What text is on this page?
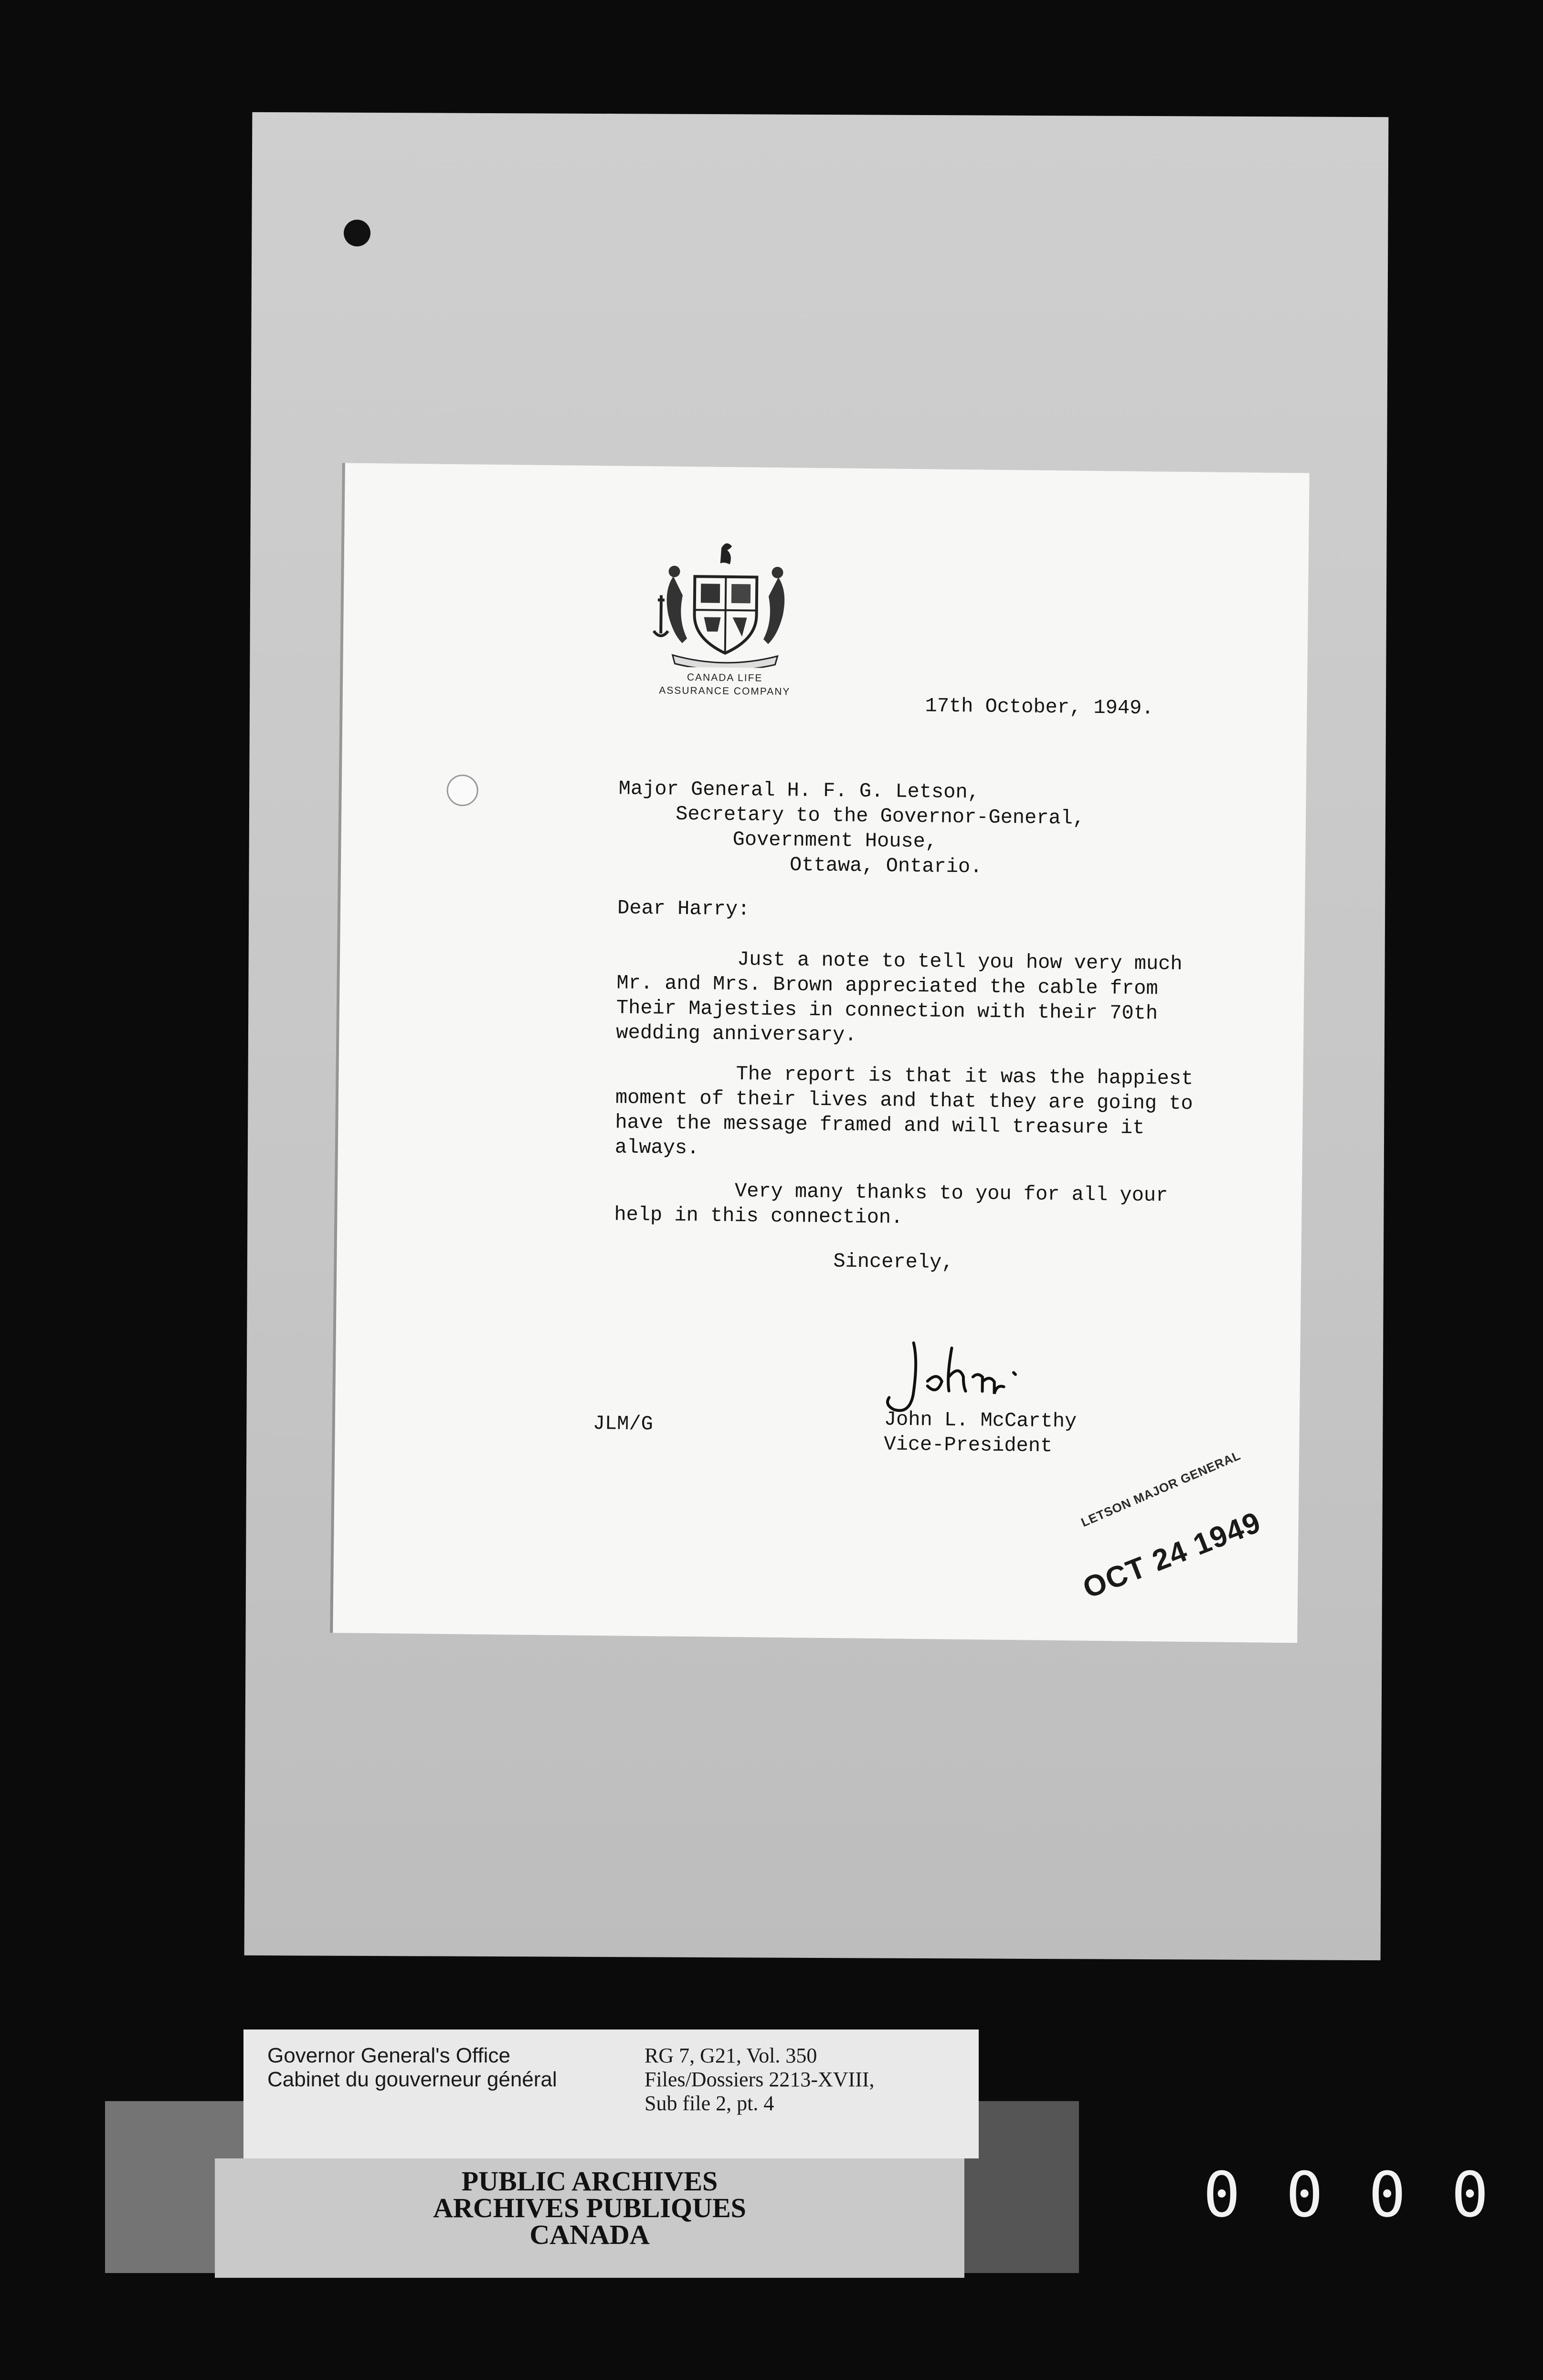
CANADA LIFE
ASSURANCE COMPANY
17th October, 1949.
Major General H. F. G. Letson,
Secretary to the Governor-General,
Government House,
Ottawa, Ontario.
Dear Harry:
Just a note to tell you how very much
Mr. and Mrs. Brown appreciated the cable from
Their Majesties in connection with their 70th
wedding anniversary.
The report is that it was the happiest
moment of their lives and that they are going to
have the message framed and will treasure it
always.
Very many thanks to you for all your
help in this connection.
Sincerely,
JLM/G	John L. McCarthy
Vice-President
LETSON MAJOR GENERAL
OCT 24 1949
Governor General's Office
Cabinet du gouverneur général
RG 7, G21, Vol. 350
Files/Dossiers 2213-XVIII,
Sub file 2, pt. 4
PUBLIC ARCHIVES
ARCHIVES PUBLIQUES
CANADA
0000
